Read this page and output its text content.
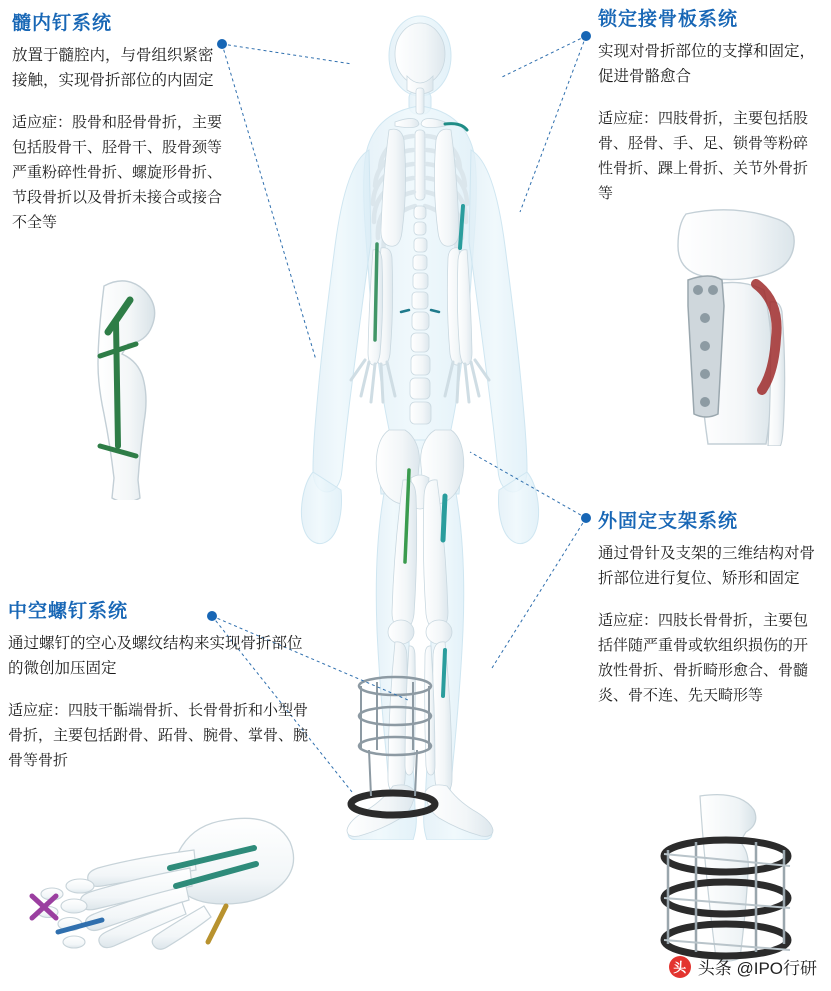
髓内钉系统
放置于髓腔内，与骨组织紧密接触，实现骨折部位的内固定
适应症：股骨和胫骨骨折，主要包括股骨干、胫骨干、股骨颈等严重粉碎性骨折、螺旋形骨折、节段骨折以及骨折未接合或接合不全等
锁定接骨板系统
实现对骨折部位的支撑和固定，促进骨骼愈合
适应症：四肢骨折，主要包括股骨、胫骨、手、足、锁骨等粉碎性骨折、踝上骨折、关节外骨折等
中空螺钉系统
通过螺钉的空心及螺纹结构来实现骨折部位的微创加压固定
适应症：四肢干骺端骨折、长骨骨折和小型骨骨折，主要包括跗骨、跖骨、腕骨、掌骨、腕骨等骨折
外固定支架系统
通过骨针及支架的三维结构对骨折部位进行复位、矫形和固定
适应症：四肢长骨骨折，主要包括伴随严重骨或软组织损伤的开放性骨折、骨折畸形愈合、骨髓炎、骨不连、先天畸形等
头 头条 @IPO行研
